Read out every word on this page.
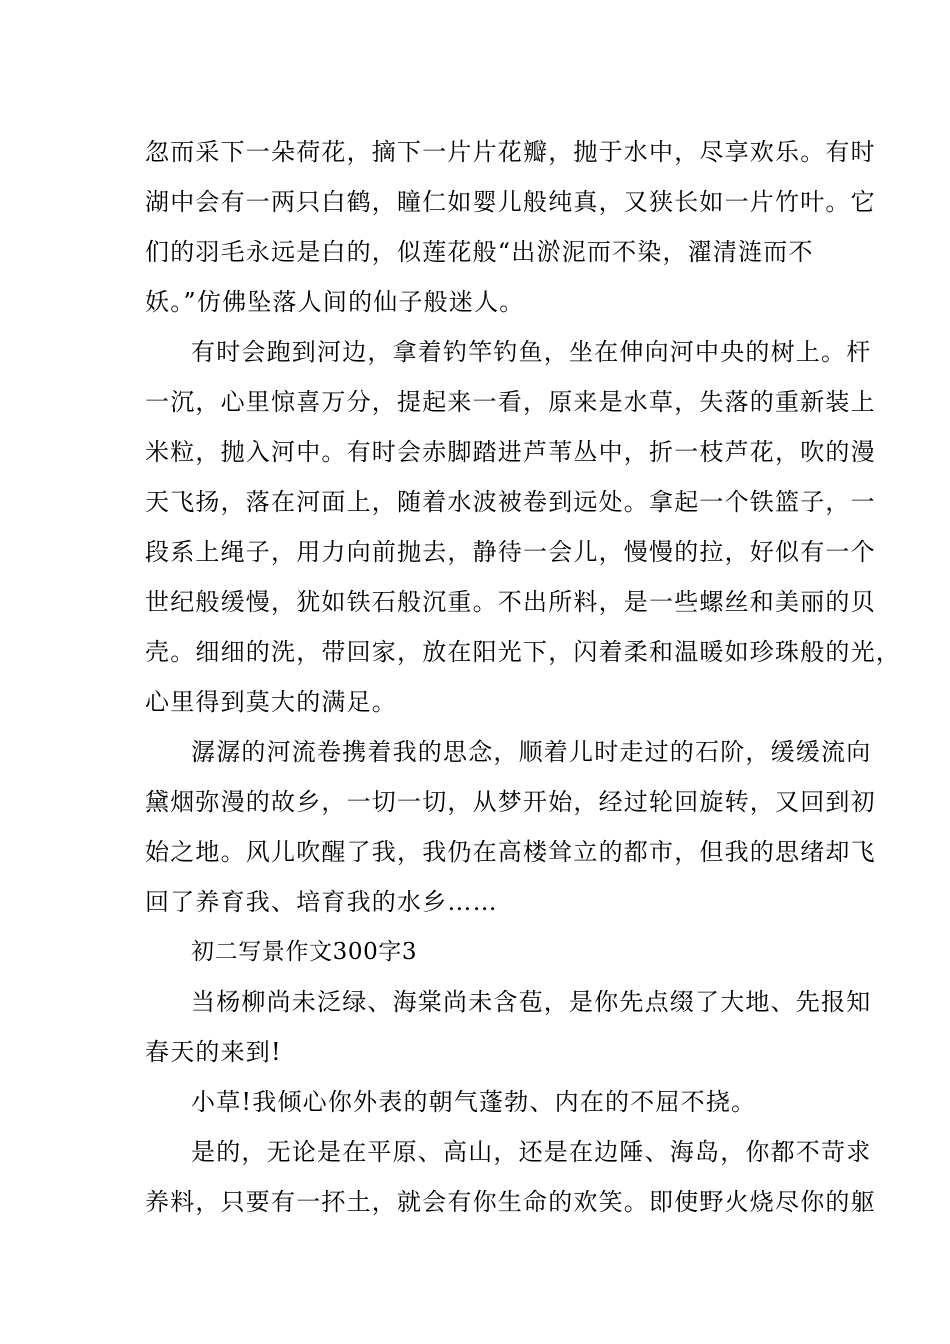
忽而采下一朵荷花，摘下一片片花瓣，抛于水中，尽享欢乐。有时
湖中会有一两只白鹤，瞳仁如婴儿般纯真，又狭长如一片竹叶。它
们的羽毛永远是白的，似莲花般“出淤泥而不染，濯清涟而不
妖。”仿佛坠落人间的仙子般迷人。
有时会跑到河边，拿着钓竿钓鱼，坐在伸向河中央的树上。杆
一沉，心里惊喜万分，提起来一看，原来是水草，失落的重新装上
米粒，抛入河中。有时会赤脚踏进芦苇丛中，折一枝芦花，吹的漫
天飞扬，落在河面上，随着水波被卷到远处。拿起一个铁篮子，一
段系上绳子，用力向前抛去，静待一会儿，慢慢的拉，好似有一个
世纪般缓慢，犹如铁石般沉重。不出所料，是一些螺丝和美丽的贝
壳。细细的洗，带回家，放在阳光下，闪着柔和温暖如珍珠般的光，
心里得到莫大的满足。
潺潺的河流卷携着我的思念，顺着儿时走过的石阶，缓缓流向
黛烟弥漫的故乡，一切一切，从梦开始，经过轮回旋转，又回到初
始之地。风儿吹醒了我，我仍在高楼耸立的都市，但我的思绪却飞
回了养育我、培育我的水乡……
初二写景作文300字3
当杨柳尚未泛绿、海棠尚未含苞，是你先点缀了大地、先报知
春天的来到!
小草!我倾心你外表的朝气蓬勃、内在的不屈不挠。
是的，无论是在平原、高山，还是在边陲、海岛，你都不苛求
养料，只要有一抔土，就会有你生命的欢笑。即使野火烧尽你的躯
